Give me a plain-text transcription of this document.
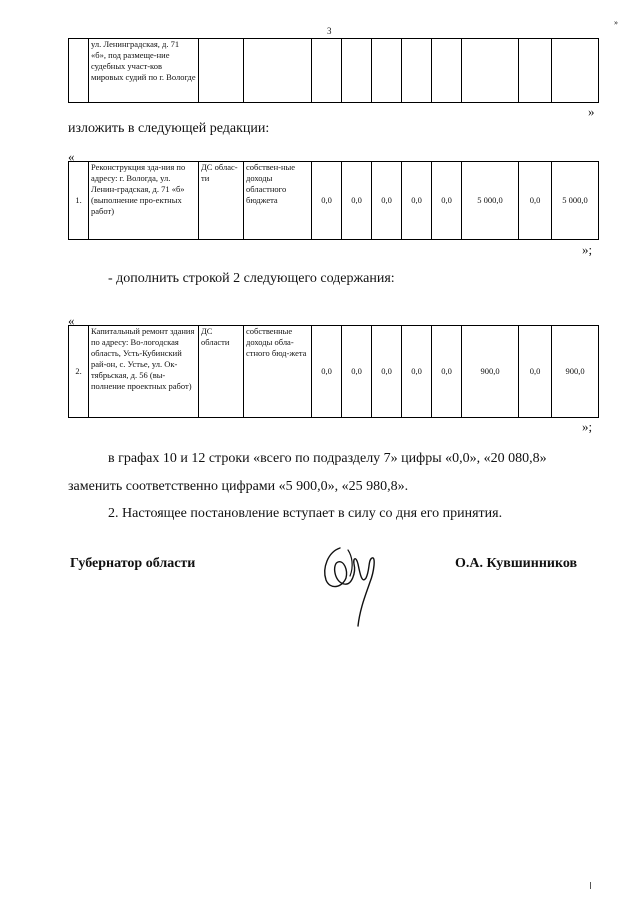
3
»
	ул. Ленинградская, д. 71 «б», под размеще-ние судебных участ-ков мировых судий по г. Вологде										
»
изложить в следующей редакции:
«
1.	Реконструкция зда-ния по адресу: г. Вологда, ул. Ленин-градская, д. 71 «б» (выполнение про-ектных работ)	ДС облас-ти	собствен-ные доходы областного бюджета	0,0	0,0	0,0	0,0	0,0	5 000,0	0,0	5 000,0
»;
- дополнить строкой 2 следующего содержания:
«
2.	Капитальный ремонт здания по адресу: Во-логодская область, Усть-Кубинский рай-он, с. Устье, ул. Ок-тябрьская, д. 56 (вы-полнение проектных работ)	ДС области	собственные доходы обла-стного бюд-жета	0,0	0,0	0,0	0,0	0,0	900,0	0,0	900,0
»;
в графах 10 и 12 строки «всего по подразделу 7» цифры «0,0», «20 080,8»
заменить соответственно цифрами «5 900,0», «25 980,8».
2. Настоящее постановление вступает в силу со дня его принятия.
Губернатор области	О.А. Кувшинников
